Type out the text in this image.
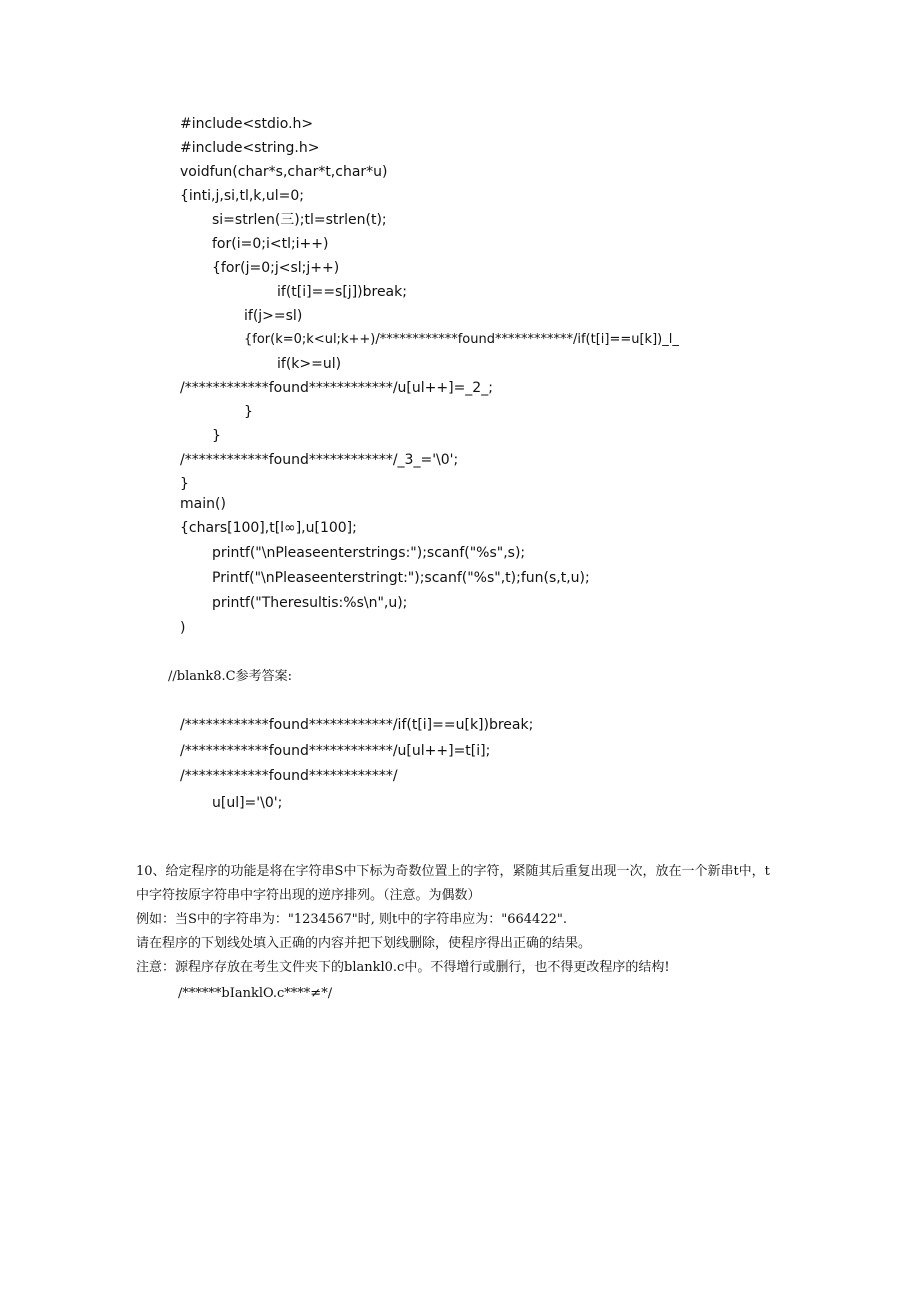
#include<stdio.h>
#include<string.h>
voidfun(char*s,char*t,char*u)
{inti,j,si,tl,k,ul=0;
si=strlen(三);tl=strlen(t);
for(i=0;i<tl;i++)
{for(j=0;j<sl;j++)
if(t[i]==s[j])break;
if(j>=sl)
{for(k=0;k<ul;k++)/************found************/if(t[i]==u[k])_l_
if(k>=ul)
/************found************/u[ul++]=_2_;
}
}
/************found************/_3_='\0';
}
main()
{chars[100],t[l∞],u[100];
printf("\nPleaseenterstrings:");scanf("%s",s);
Printf("\nPleaseenterstringt:");scanf("%s",t);fun(s,t,u);
printf("Theresultis:%s\n",u);
)
//blank8.C参考答案:
/************found************/if(t[i]==u[k])break;
/************found************/u[ul++]=t[i];
/************found************/
u[ul]='\0';
10、给定程序的功能是将在字符串S中下标为奇数位置上的字符，紧随其后重复出现一次，放在一个新串t中，t
中字符按原字符串中字符出现的逆序排列。（注意。为偶数）
例如：当S中的字符串为："1234567"时, 则t中的字符串应为："664422".
请在程序的下划线处填入正确的内容并把下划线删除，使程序得出正确的结果。
注意：源程序存放在考生文件夹下的blankl0.c中。不得增行或删行，也不得更改程序的结构!
/******bIanklO.c****≠*/
